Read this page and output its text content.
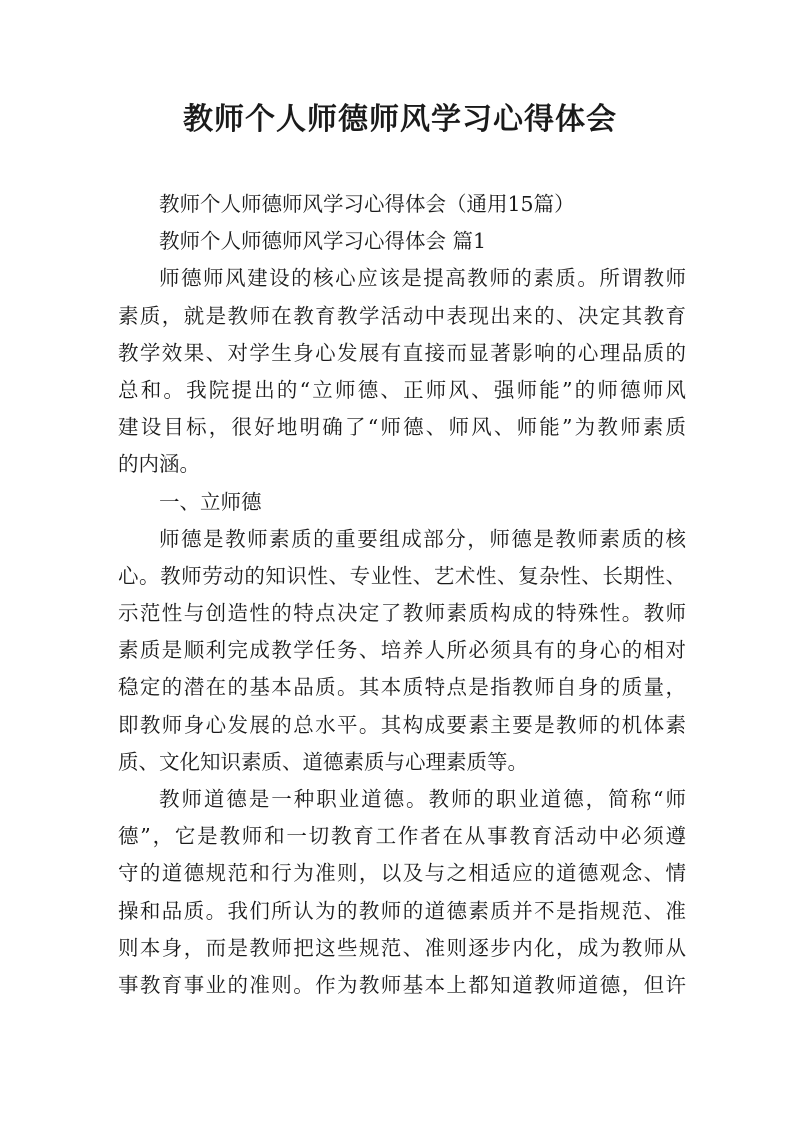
教师个人师德师风学习心得体会
教师个人师德师风学习心得体会（通用15篇）
教师个人师德师风学习心得体会 篇1
师德师风建设的核心应该是提高教师的素质。所谓教师
素质，就是教师在教育教学活动中表现出来的、决定其教育
教学效果、对学生身心发展有直接而显著影响的心理品质的
总和。我院提出的“立师德、正师风、强师能”的师德师风
建设目标，很好地明确了“师德、师风、师能”为教师素质
的内涵。
一、立师德
师德是教师素质的重要组成部分，师德是教师素质的核
心。教师劳动的知识性、专业性、艺术性、复杂性、长期性、
示范性与创造性的特点决定了教师素质构成的特殊性。教师
素质是顺利完成教学任务、培养人所必须具有的身心的相对
稳定的潜在的基本品质。其本质特点是指教师自身的质量，
即教师身心发展的总水平。其构成要素主要是教师的机体素
质、文化知识素质、道德素质与心理素质等。
教师道德是一种职业道德。教师的职业道德，简称“师
德”，它是教师和一切教育工作者在从事教育活动中必须遵
守的道德规范和行为准则，以及与之相适应的道德观念、情
操和品质。我们所认为的教师的道德素质并不是指规范、准
则本身，而是教师把这些规范、准则逐步内化，成为教师从
事教育事业的准则。作为教师基本上都知道教师道德，但许
